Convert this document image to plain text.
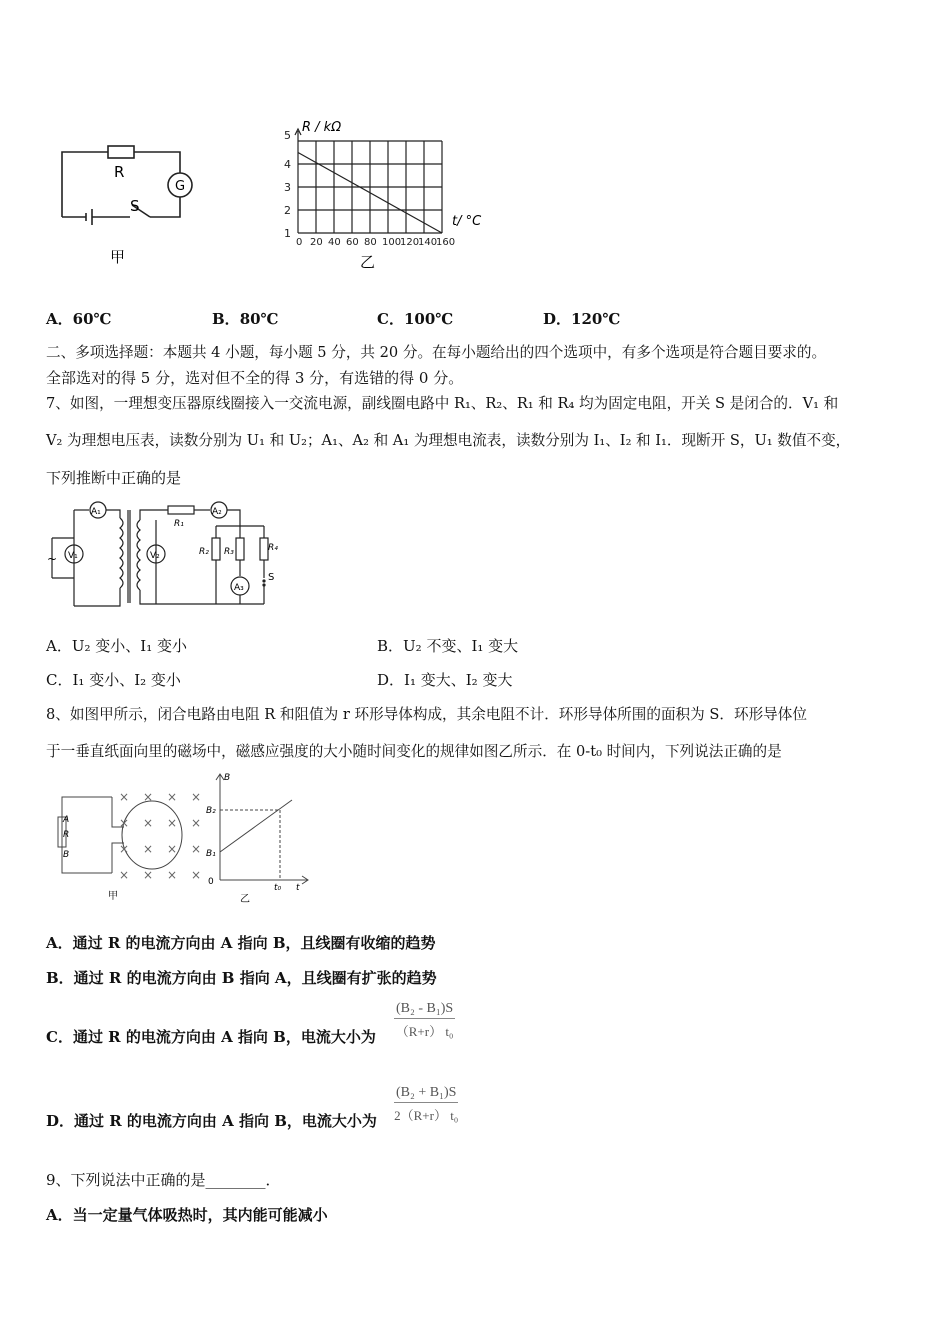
R
G
S
甲
R / kΩ
t/ °C
5
4
3
2
1
0 20 40 60 80 100
120
140
160
乙
A．60℃	B．80℃	C．100℃	D．120℃
二、多项选择题：本题共 4 小题，每小题 5 分，共 20 分。在每小题给出的四个选项中，有多个选项是符合题目要求的。
全部选对的得 5 分，选对但不全的得 3 分，有选错的得 0 分。
7、如图，一理想变压器原线圈接入一交流电源，副线圈电路中 R₁、R₂、R₁ 和 R₄ 均为固定电阻，开关 S 是闭合的．V₁ 和
V₂ 为理想电压表，读数分别为 U₁ 和 U₂；A₁、A₂ 和 A₁ 为理想电流表，读数分别为 I₁、I₂ 和 I₁．现断开 S，U₁ 数值不变，
下列推断中正确的是
~
A₁
V₁	V₂
R₁
A₂
R₂ R₃	R₄
A₃
S
A．U₂ 变小、I₁ 变小	B．U₂ 不变、I₁ 变大
C．I₁ 变小、I₂ 变小	D．I₁ 变大、I₂ 变大
8、如图甲所示，闭合电路由电阻 R 和阻值为 r 环形导体构成，其余电阻不计．环形导体所围的面积为 S．环形导体位
于一垂直纸面向里的磁场中，磁感应强度的大小随时间变化的规律如图乙所示．在 0-t₀ 时间内，下列说法正确的是
× × × ×
× × × ×
× × × ×
× × × ×
A
R
B
甲
B
B₂
B₁
0
t₀ t
乙
A．通过 R 的电流方向由 A 指向 B，且线圈有收缩的趋势
B．通过 R 的电流方向由 B 指向 A，且线圈有扩张的趋势
C．通过 R 的电流方向由 A 指向 B，电流大小为 $\frac{\text{(B₂ - B₁)S}}{\text{（R+r） t₀}}$
D．通过 R 的电流方向由 A 指向 B，电流大小为 $\frac{\text{(B₂ + B₁)S}}{\text{2（R+r） t₀}}$
9、下列说法中正确的是________．
A．当一定量气体吸热时，其内能可能减小
